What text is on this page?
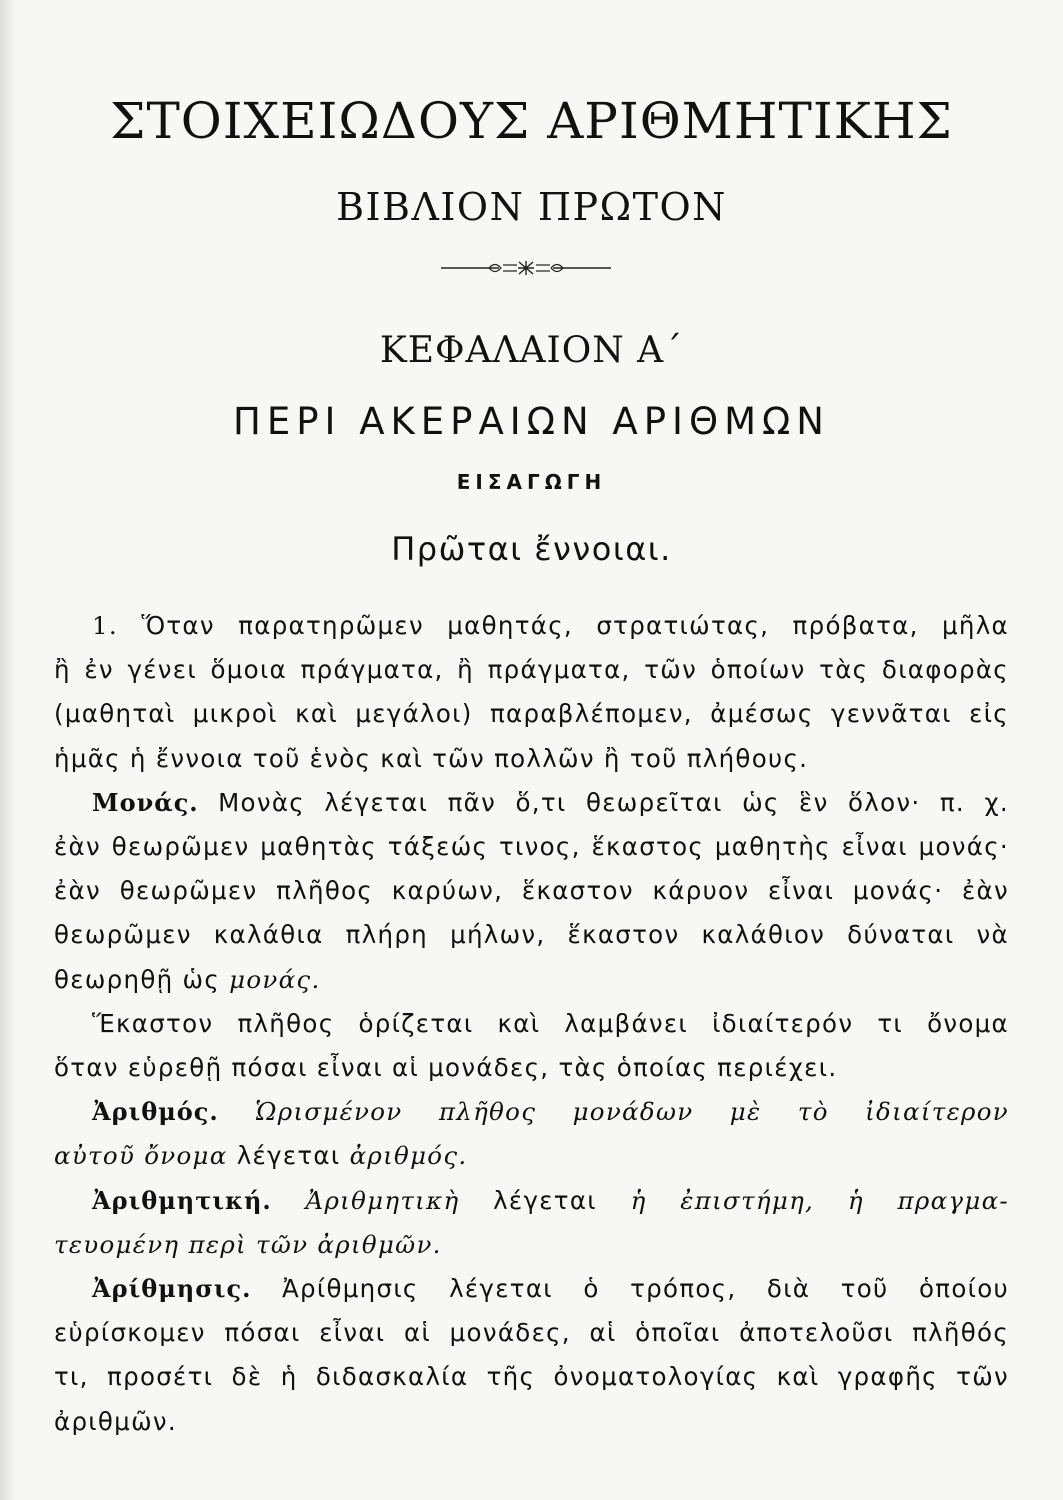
ΣΤΟΙΧΕΙΩΔΟΥΣ ΑΡΙΘΜΗΤΙΚΗΣ
ΒΙΒΛΙΟΝ ΠΡΩΤΟΝ
ΚΕΦΑΛΑΙΟΝ Α΄
ΠΕΡΙ ΑΚΕΡΑΙΩΝ ΑΡΙΘΜΩΝ
ΕΙΣΑΓΩΓΗ
Πρῶται ἔννοιαι.

1. Ὅταν παρατηρῶμεν μαθητάς, στρατιώτας, πρόβατα, μῆλα
ἢ ἐν γένει ὅμοια πράγματα, ἢ πράγματα, τῶν ὁποίων τὰς διαφορὰς
(μαθηταὶ μικροὶ καὶ μεγάλοι) παραβλέπομεν, ἀμέσως γεννᾶται εἰς
ἡμᾶς ἡ ἔννοια τοῦ ἑνὸς καὶ τῶν πολλῶν ἢ τοῦ πλήθους.

Μονάς. Μονὰς λέγεται πᾶν ὅ,τι θεωρεῖται ὡς ἓν ὅλον· π. χ.
ἐὰν θεωρῶμεν μαθητὰς τάξεώς τινος, ἕκαστος μαθητὴς εἶναι μονάς·
ἐὰν θεωρῶμεν πλῆθος καρύων, ἕκαστον κάρυον εἶναι μονάς· ἐὰν
θεωρῶμεν καλάθια πλήρη μήλων, ἕκαστον καλάθιον δύναται νὰ
θεωρηθῇ ὡς μονάς.

Ἕκαστον πλῆθος ὁρίζεται καὶ λαμβάνει ἰδιαίτερόν τι ὄνομα
ὅταν εὑρεθῇ πόσαι εἶναι αἱ μονάδες, τὰς ὁποίας περιέχει.

Ἀριθμός. Ὡρισμένον πλῆθος μονάδων μὲ τὸ ἰδιαίτερον
αὐτοῦ ὄνομα λέγεται ἀριθμός.

Ἀριθμητική. Ἀριθμητικὴ λέγεται ἡ ἐπιστήμη, ἡ πραγμα-
τευομένη περὶ τῶν ἀριθμῶν.

Ἀρίθμησις. Ἀρίθμησις λέγεται ὁ τρόπος, διὰ τοῦ ὁποίου
εὑρίσκομεν πόσαι εἶναι αἱ μονάδες, αἱ ὁποῖαι ἀποτελοῦσι πλῆθός
τι, προσέτι δὲ ἡ διδασκαλία τῆς ὀνοματολογίας καὶ γραφῆς τῶν
ἀριθμῶν.
